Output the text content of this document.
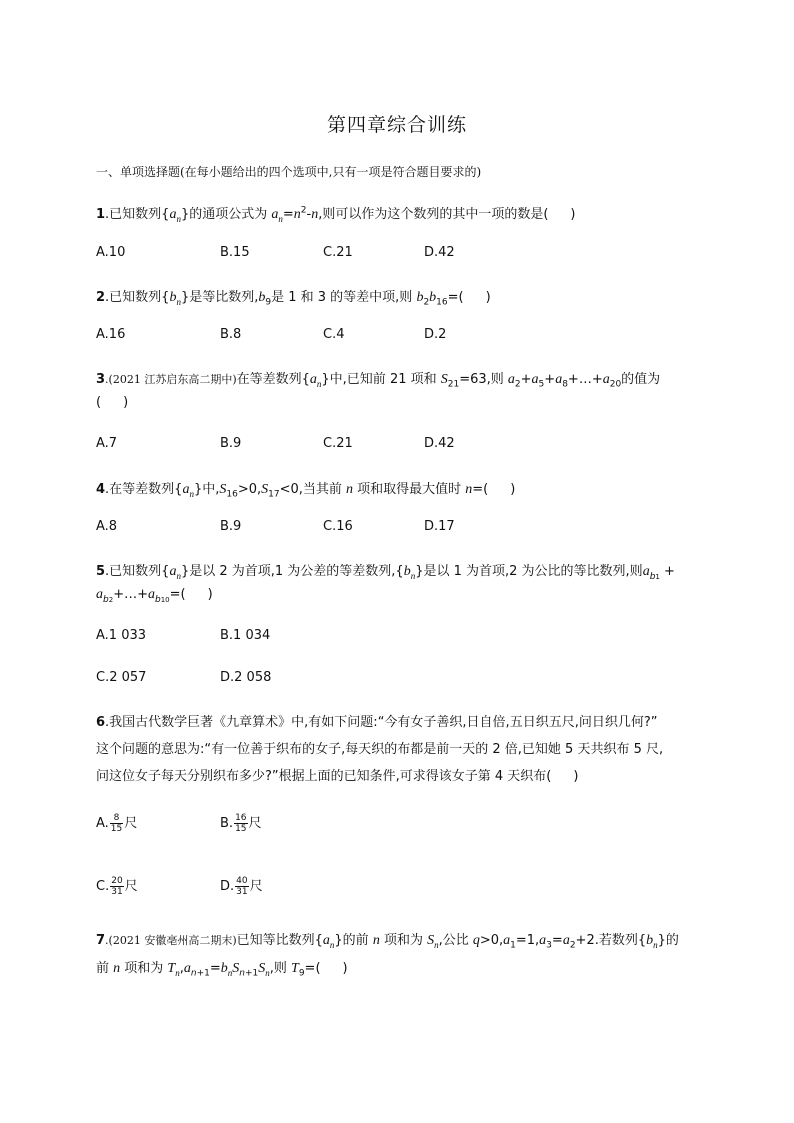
第四章综合训练
一、单项选择题(在每小题给出的四个选项中,只有一项是符合题目要求的)
1.已知数列$\{a_n\}$的通项公式为 $a_n=n^2-n$,则可以作为这个数列的其中一项的数是( )
A.10	B.15	C.21	D.42
2.已知数列$\{b_n\}$是等比数列$,b_9$是 1 和 3 的等差中项,则 $b_2b_{16}=$( )
A.16	B.8	C.4	D.2
3.(2021 江苏启东高二期中)在等差数列$\{a_n\}$中,已知前 21 项和 $S_{21}=63$,则 $a_2+a_5+a_8+\dots+a_{20}$的值为
( )
A.7	B.9	C.21	D.42
4.在等差数列$\{a_n\}$中$,S_{16}>0,S_{17}<0$,当其前 n 项和取得最大值时 n=( )
A.8	B.9	C.16	D.17
5.已知数列$\{a_n\}$是以 2 为首项,1 为公差的等差数列$,\{b_n\}$是以 1 为首项,2 为公比的等比数列,则$a_{b1}$ +
$a_{b2}+\dots+a_{b10}=$( )
A.1 033	B.1 034
C.2 057	D.2 058
6.我国古代数学巨著《九章算术》中,有如下问题:“今有女子善织,日自倍,五日织五尺,问日织几何?”
这个问题的意思为:“有一位善于织布的女子,每天织的布都是前一天的 2 倍,已知她 5 天共织布 5 尺,
问这位女子每天分别织布多少?”根据上面的已知条件,可求得该女子第 4 天织布( )
A. $\frac{8}{15}$ 尺	B. $\frac{16}{15}$ 尺
C. $\frac{20}{31}$ 尺	D. $\frac{40}{31}$ 尺
7.(2021 安徽亳州高二期末)已知等比数列$\{a_n\}$的前 n 项和为 $S_n$,公比 $q>0,a_1=1,a_3=a_2+2$.若数列$\{b_n\}$的
前 n 项和为 $T_n,a_{n+1}=b_nS_{n+1}S_n$,则 $T_9=$( )
